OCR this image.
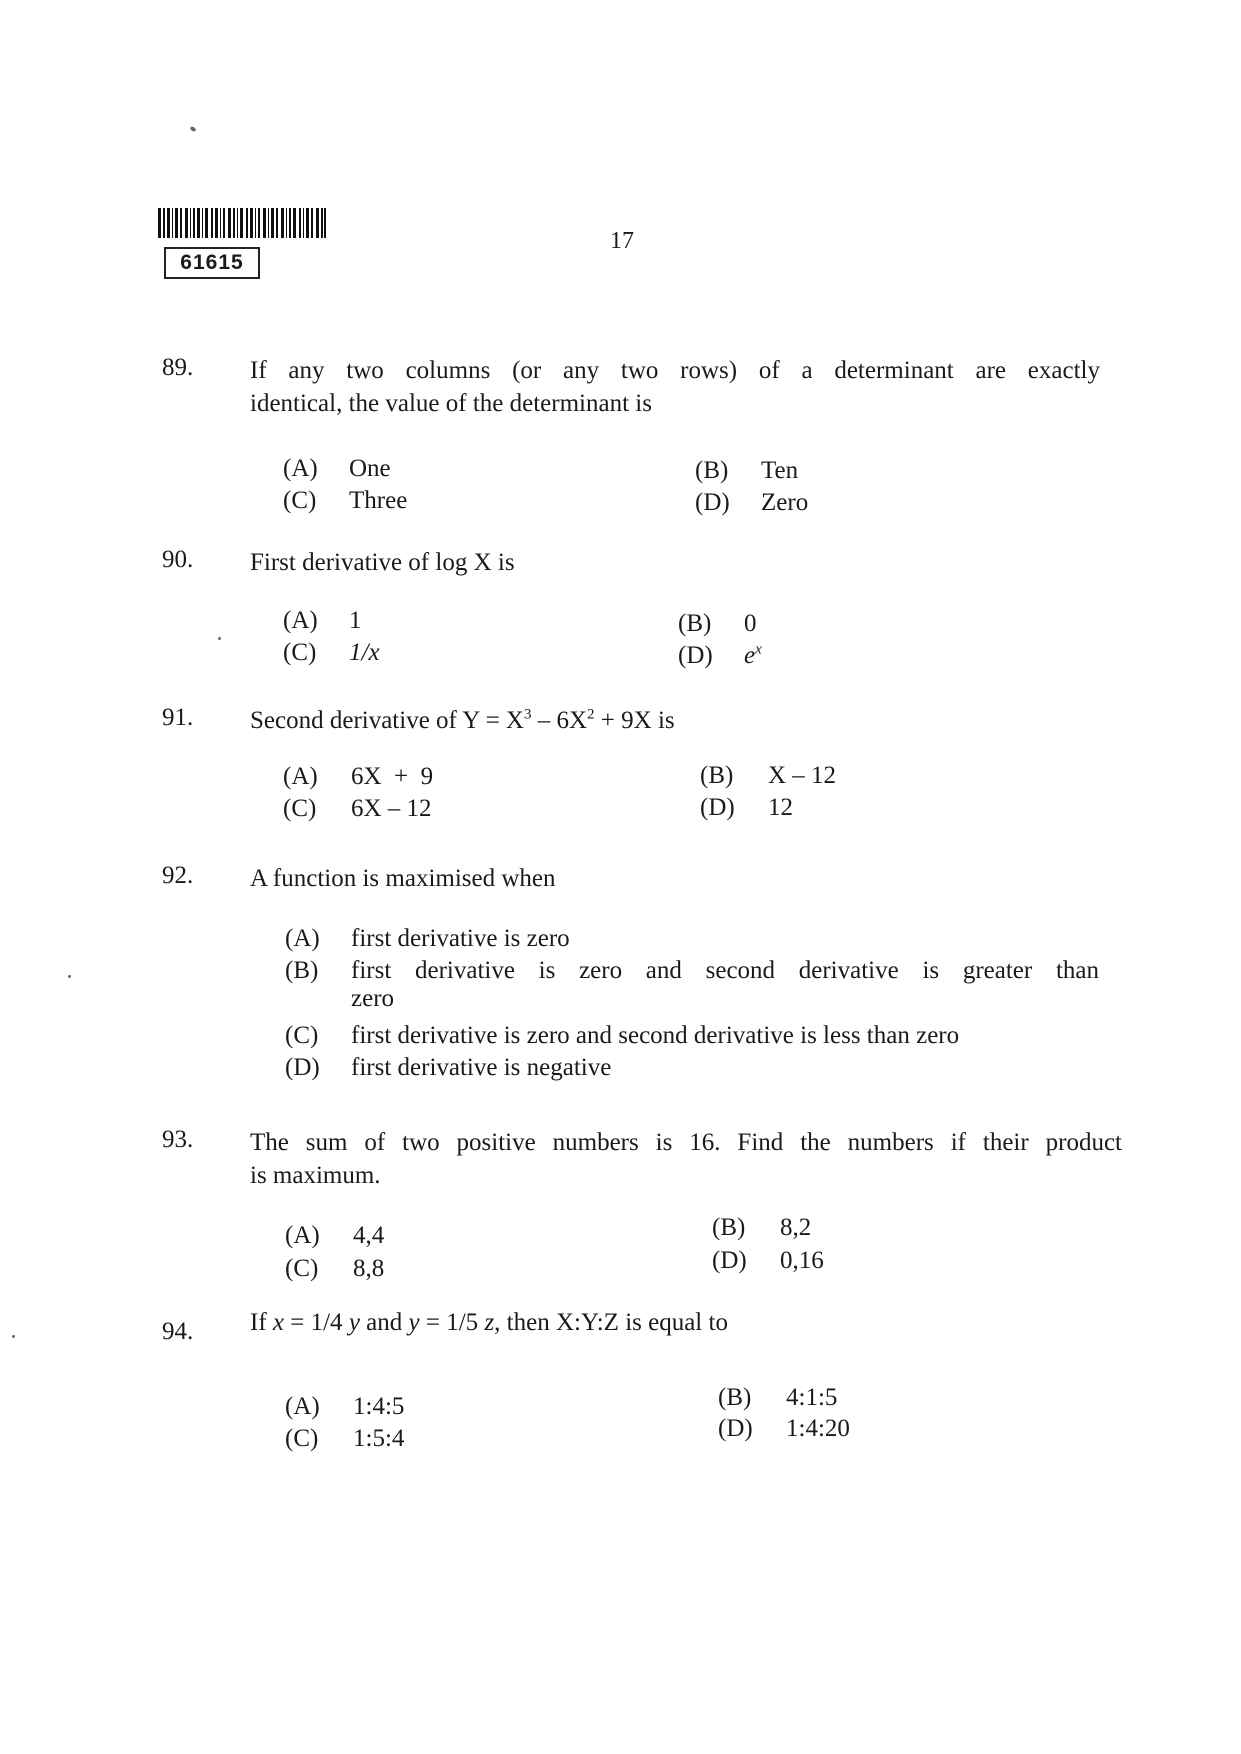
61615
17
89. If any two columns (or any two rows) of a determinant are exactly
identical, the value of the determinant is
(A) One	(B) Ten
(C) Three	(D) Zero
90. First derivative of log X is
(A) 1	(B) 0
(C) 1/x	(D) $e^x$
91. Second derivative of $Y = X^3 - 6X^2 + 9X$ is
(A) 6X  +  9	(B) X – 12
(C) 6X – 12	(D) 12
92. A function is maximised when
(A) first derivative is zero
(B) first derivative is zero and second derivative is greater than
zero
(C) first derivative is zero and second derivative is less than zero
(D) first derivative is negative
93. The sum of two positive numbers is 16. Find the numbers if their product
is maximum.
(A) 4,4	(B) 8,2
(C) 8,8	(D) 0,16
94. If x = 1/4 y and y = 1/5 z, then X:Y:Z is equal to
(A) 1:4:5	(B) 4:1:5
(C) 1:5:4	(D) 1:4:20
